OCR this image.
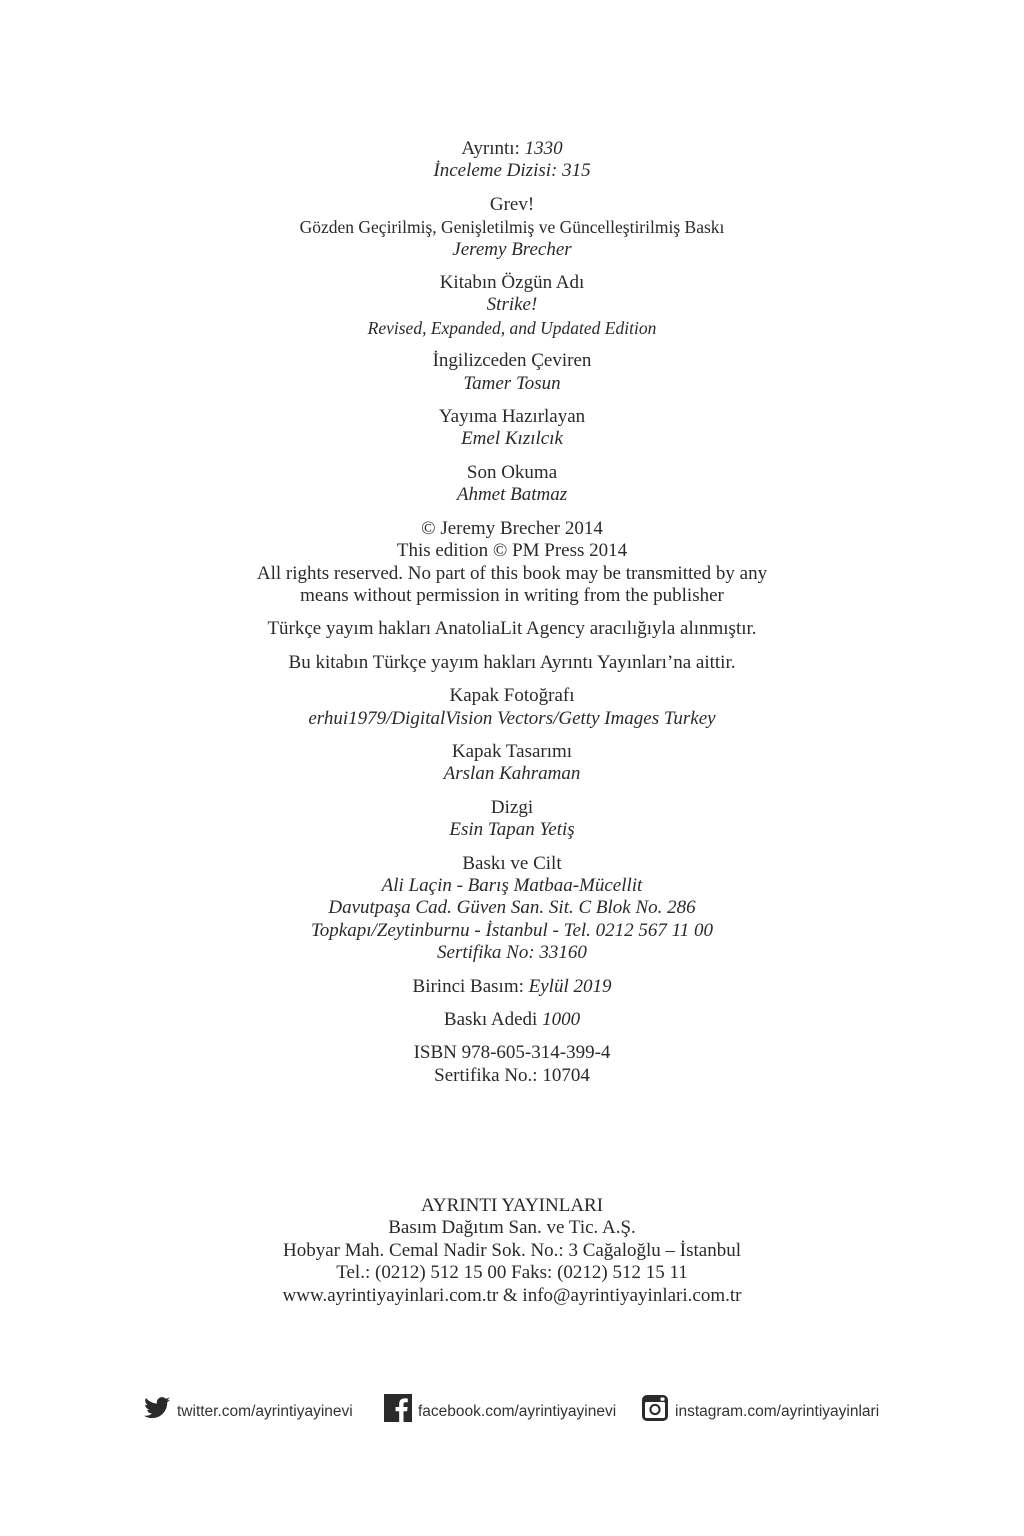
Ayrıntı: 1330
İnceleme Dizisi: 315
Grev!
Gözden Geçirilmiş, Genişletilmiş ve Güncelleştirilmiş Baskı
Jeremy Brecher
Kitabın Özgün Adı
Strike!
Revised, Expanded, and Updated Edition
İngilizceden Çeviren
Tamer Tosun
Yayıma Hazırlayan
Emel Kızılcık
Son Okuma
Ahmet Batmaz
© Jeremy Brecher 2014
This edition © PM Press 2014
All rights reserved. No part of this book may be transmitted by any
means without permission in writing from the publisher
Türkçe yayım hakları AnatoliaLit Agency aracılığıyla alınmıştır.
Bu kitabın Türkçe yayım hakları Ayrıntı Yayınları’na aittir.
Kapak Fotoğrafı
erhui1979/DigitalVision Vectors/Getty Images Turkey
Kapak Tasarımı
Arslan Kahraman
Dizgi
Esin Tapan Yetiş
Baskı ve Cilt
Ali Laçin - Barış Matbaa-Mücellit
Davutpaşa Cad. Güven San. Sit. C Blok No. 286
Topkapı/Zeytinburnu - İstanbul - Tel. 0212 567 11 00
Sertifika No: 33160
Birinci Basım: Eylül 2019
Baskı Adedi 1000
ISBN 978-605-314-399-4
Sertifika No.: 10704
AYRINTI YAYINLARI
Basım Dağıtım San. ve Tic. A.Ş.
Hobyar Mah. Cemal Nadir Sok. No.: 3 Cağaloğlu – İstanbul
Tel.: (0212) 512 15 00 Faks: (0212) 512 15 11
www.ayrintiyayinlari.com.tr & info@ayrintiyayinlari.com.tr
twitter.com/ayrintiyayinevi	facebook.com/ayrintiyayinevi	instagram.com/ayrintiyayinlari
